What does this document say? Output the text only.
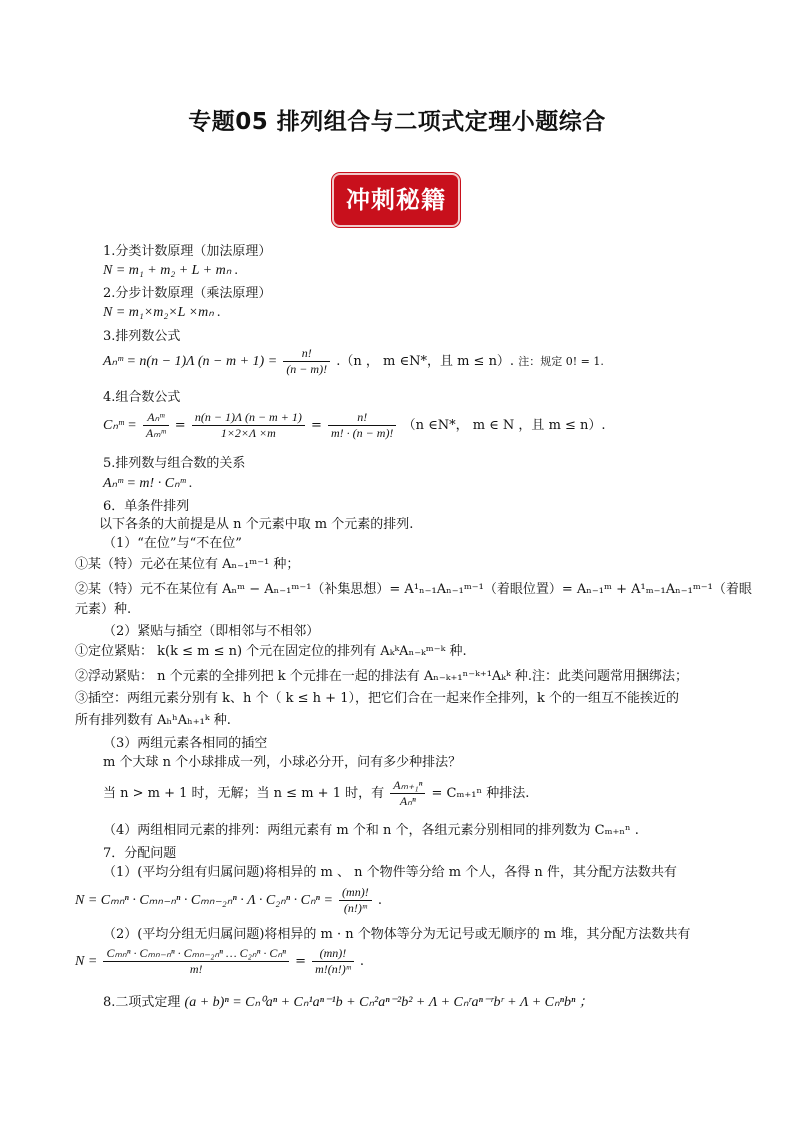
专题05 排列组合与二项式定理小题综合
冲刺秘籍
1.分类计数原理（加法原理）
N = m₁ + m₂ + L + mₙ .
2.分步计数原理（乘法原理）
N = m₁×m₂×L ×mₙ .
3.排列数公式
Aₙᵐ = n(n − 1)Λ $(n - m + 1) = \frac{n!}{(n - m)!} .(n$ ， m ∈N*，且 m ≤ n）. 注：规定 0! = 1.
4.组合数公式
Cₙᵐ = $\frac{\text{Aₙᵐ}}{\text{Aₘᵐ}} = \frac{n(n - 1)\Lambda (n - m + 1)}{1\times 2\times\Lambda \times m} = \frac{n!}{m! \cdot (n - m)!} (n$ ∈N*， m ∈ N ，且 m ≤ n）.
5.排列数与组合数的关系
Aₙᵐ = m! · Cₙᵐ .
6．单条件排列
以下各条的大前提是从 n 个元素中取 m 个元素的排列.
（1）“在位”与“不在位”
①某（特）元必在某位有 Aₙ₋₁ᵐ⁻¹ 种；
②某（特）元不在某位有 Aₙᵐ − Aₙ₋₁ᵐ⁻¹（补集思想）= A¹ₙ₋₁Aₙ₋₁ᵐ⁻¹（着眼位置）= Aₙ₋₁ᵐ + A¹ₘ₋₁Aₙ₋₁ᵐ⁻¹（着眼
元素）种.
（2）紧贴与插空（即相邻与不相邻）
①定位紧贴： k(k ≤ m ≤ n) 个元在固定位的排列有 AₖᵏAₙ₋ₖᵐ⁻ᵏ 种.
②浮动紧贴： n 个元素的全排列把 k 个元排在一起的排法有 Aₙ₋ₖ₊₁ⁿ⁻ᵏ⁺¹Aₖᵏ 种.注：此类问题常用捆绑法；
③插空：两组元素分别有 k、h 个（ k ≤ h + 1），把它们合在一起来作全排列，k 个的一组互不能挨近的
所有排列数有 AₕʰAₕ₊₁ᵏ 种.
（3）两组元素各相同的插空
m 个大球 n 个小球排成一列，小球必分开，问有多少种排法？
当 n > m + 1 时，无解；当 n ≤ m + 1 时，有 $\frac{\text{Aₘ₊₁ⁿ}}{\text{Aₙⁿ}} = C_{m+1}^n$ 种排法.
（4）两组相同元素的排列：两组元素有 m 个和 n 个，各组元素分别相同的排列数为 Cₘ₊ₙⁿ .
7．分配问题
（1）(平均分组有归属问题)将相异的 m 、 n 个物件等分给 m 个人，各得 n 件，其分配方法数共有
$N = C_{mn}^n \cdot C_{mn-n}^n \cdot C_{mn-2n}^n \cdot \Lambda \cdot C_{2n}^n \cdot C_n^n = \frac{(mn)!}{\text{(n!)ᵐ}}$ .
（2）(平均分组无归属问题)将相异的 m · n 个物体等分为无记号或无顺序的 m 堆，其分配方法数共有
$N = \frac{\text{Cₘₙⁿ · Cₘₙ₋ₙⁿ · Cₘₙ₋₂ₙⁿ … C₂ₙⁿ · Cₙⁿ}}{m!} = \frac{(mn)!}{\text{m!(n!)ᵐ}}$ .
8.二项式定理 (a + b)ⁿ = Cₙ⁰aⁿ + Cₙ¹aⁿ⁻¹b + Cₙ²aⁿ⁻²b² + Λ + Cₙʳaⁿ⁻ʳbʳ + Λ + Cₙⁿbⁿ ；
